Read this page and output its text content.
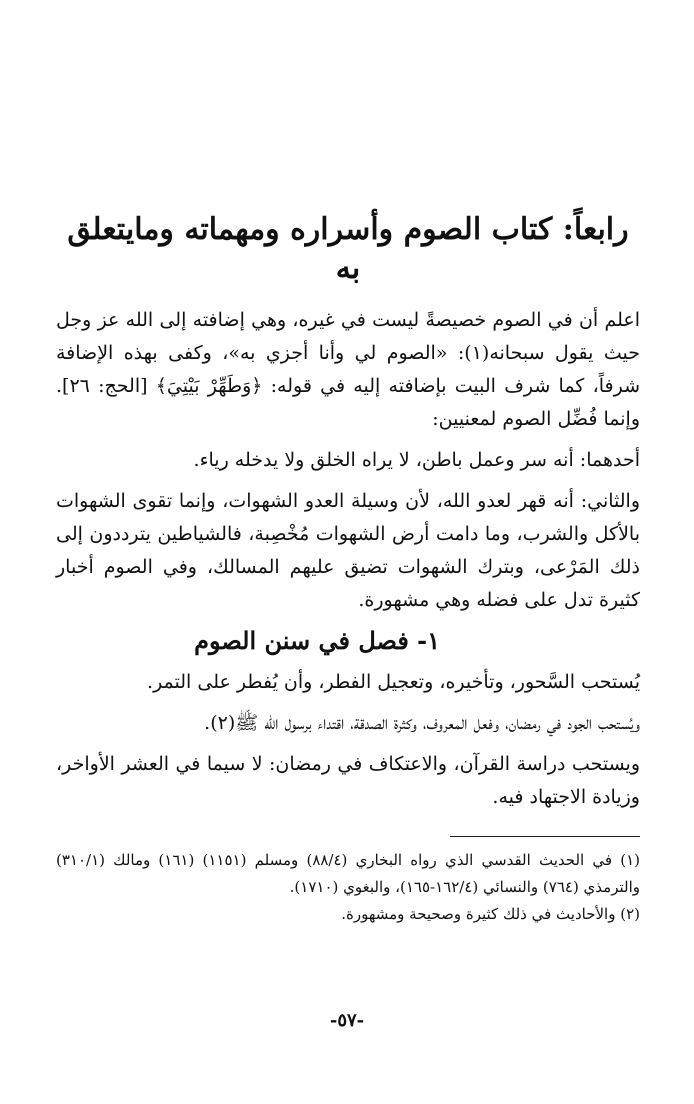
رابعاً: كتاب الصوم وأسراره ومهماته ومايتعلق به

اعلم أن في الصوم خصيصةً ليست في غيره، وهي إضافته إلى الله عز وجل حيث يقول سبحانه(١): «الصوم لي وأنا أجزي به»، وكفى بهذه الإضافة شرفاً، كما شرف البيت بإضافته إليه في قوله: ﴿وَطَهِّرْ بَيْتِيَ﴾ [الحج: ٢٦]. وإنما فُضِّل الصوم لمعنيين:

أحدهما: أنه سر وعمل باطن، لا يراه الخلق ولا يدخله رياء.

والثاني: أنه قهر لعدو الله، لأن وسيلة العدو الشهوات، وإنما تقوى الشهوات بالأكل والشرب، وما دامت أرض الشهوات مُخْصِبة، فالشياطين يترددون إلى ذلك المَرْعى، وبترك الشهوات تضيق عليهم المسالك، وفي الصوم أخبار كثيرة تدل على فضله وهي مشهورة.

١- فصل في سنن الصوم

يُستحب السَّحور، وتأخيره، وتعجيل الفطر، وأن يُفطر على التمر.

ويُستحب الجود في رمضان، وفعل المعروف، وكثرة الصدقة، اقتداء برسول الله ﷺ(٢).

ويستحب دراسة القرآن، والاعتكاف في رمضان: لا سيما في العشر الأواخر، وزيادة الاجتهاد فيه.

(١) في الحديث القدسي الذي رواه البخاري (٨٨/٤) ومسلم (١١٥١) (١٦١) ومالك (٣١٠/١) والترمذي (٧٦٤) والنسائي (١٦٢/٤-١٦٥)، والبغوي (١٧١٠).

(٢) والأحاديث في ذلك كثيرة وصحيحة ومشهورة.

-٥٧-
